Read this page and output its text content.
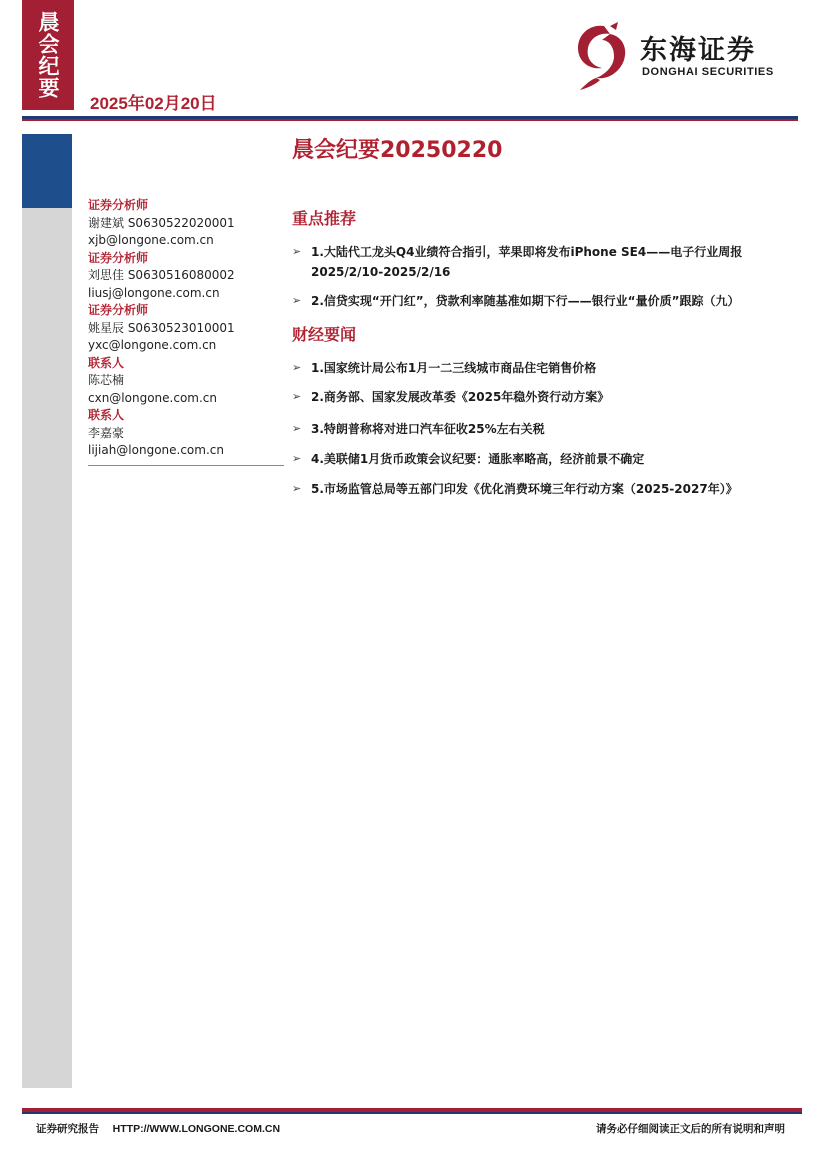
晨会纪要
2025年02月20日
东海证券
DONGHAI SECURITIES
晨会纪要20250220
证券分析师
谢建斌 S0630522020001
xjb@longone.com.cn
证券分析师
刘思佳 S0630516080002
liusj@longone.com.cn
证券分析师
姚星辰 S0630523010001
yxc@longone.com.cn
联系人
陈芯楠
cxn@longone.com.cn
联系人
李嘉豪
lijiah@longone.com.cn
重点推荐
➢ 1.大陆代工龙头Q4业绩符合指引，苹果即将发布iPhone SE4——电子行业周报2025/2/10-2025/2/16
➢ 2.信贷实现“开门红”，贷款利率随基准如期下行——银行业“量价质”跟踪（九）
财经要闻
➢ 1.国家统计局公布1月一二三线城市商品住宅销售价格
➢ 2.商务部、国家发展改革委《2025年稳外资行动方案》
➢ 3.特朗普称将对进口汽车征收25%左右关税
➢ 4.美联储1月货币政策会议纪要：通胀率略高，经济前景不确定
➢ 5.市场监管总局等五部门印发《优化消费环境三年行动方案（2025-2027年）》
证券研究报告 HTTP://WWW.LONGONE.COM.CN	请务必仔细阅读正文后的所有说明和声明
